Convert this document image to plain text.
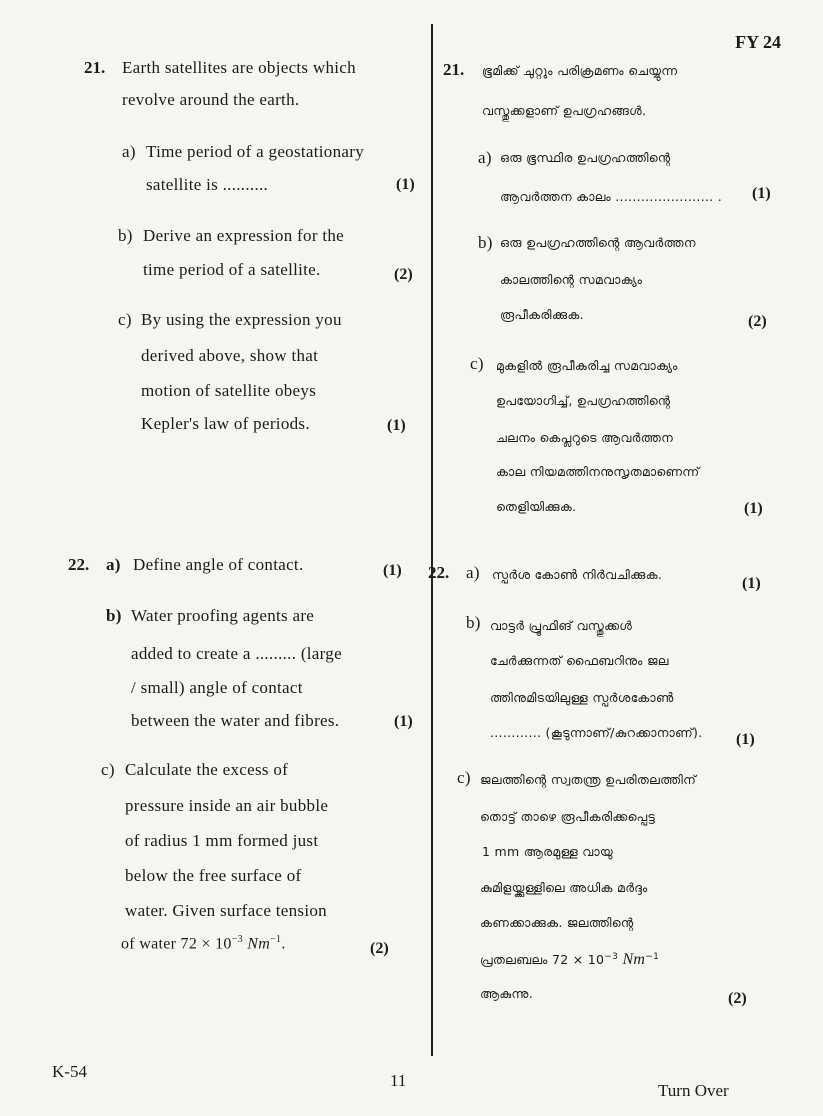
FY 24
21. Earth satellites are objects which
revolve around the earth.
a) Time period of a geostationary
satellite is ..........	(1)
b) Derive an expression for the
time period of a satellite.	(2)
c) By using the expression you
derived above, show that
motion of satellite obeys
Kepler's law of periods.	(1)
22. a) Define angle of contact.	(1)
b) Water proofing agents are
added to create a ......... (large
/ small) angle of contact
between the water and fibres.	(1)
c) Calculate the excess of
pressure inside an air bubble
of radius 1 mm formed just
below the free surface of
water. Given surface tension
of water $72 \times 10^{-3}$ $Nm^{-1}$.	(2)
21. ഭൂമിക്ക് ചുറ്റും പരിക്രമണം ചെയ്യുന്ന
വസ്തുക്കളാണ് ഉപഗ്രഹങ്ങൾ.
a) ഒരു ഭൂസ്ഥിര ഉപഗ്രഹത്തിന്റെ
ആവർത്തന കാലം ....................... . (1)
b) ഒരു ഉപഗ്രഹത്തിന്റെ ആവർത്തന
കാലത്തിന്റെ സമവാക്യം
രൂപീകരിക്കുക.	(2)
c) മുകളിൽ രൂപീകരിച്ച സമവാക്യം
ഉപയോഗിച്ച്, ഉപഗ്രഹത്തിന്റെ
ചലനം കെപ്ലറുടെ ആവർത്തന
കാല നിയമത്തിനനുസൃതമാണെന്ന്
തെളിയിക്കുക.	(1)
22. a) സ്പർശ കോൺ നിർവചിക്കുക.
(1)
b) വാട്ടർ പ്രൂഫിങ് വസ്തുക്കൾ
ചേർക്കുന്നത് ഫൈബറിനും ജല
ത്തിനുമിടയിലുള്ള സ്പർശകോൺ
............ (കൂടുന്നാണ്/കുറക്കാനാണ്). (1)
c) ജലത്തിന്റെ സ്വതന്ത്ര ഉപരിതലത്തിന്
തൊട്ട് താഴെ രൂപീകരിക്കപ്പെട്ട
1 mm ആരമുള്ള വായു
കുമിളയ്ക്കുള്ളിലെ അധിക മർദ്ദം
കണക്കാക്കുക. ജലത്തിന്റെ
പ്രതലബലം $72 \times 10^{-3}$ $Nm^{-1}$
ആകുന്നു.	(2)
K-54	11
Turn Over
